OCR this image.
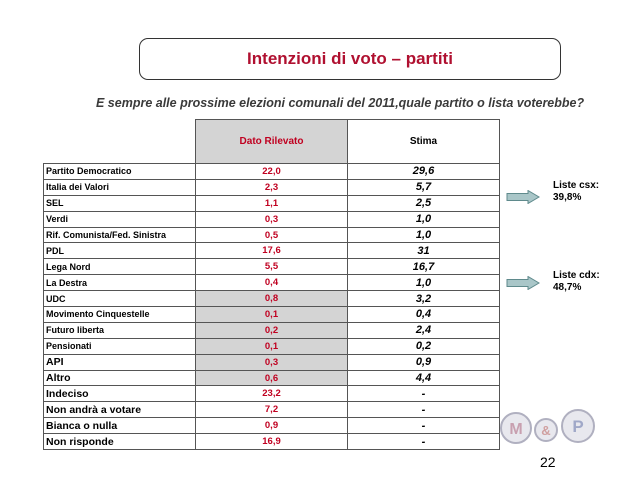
Intenzioni di voto – partiti
E sempre alle prossime elezioni comunali del 2011,quale partito o lista voterebbe?
	Dato Rilevato	Stima
Partito Democratico	22,0	29,6
Italia dei Valori	2,3	5,7
SEL	1,1	2,5
Verdi	0,3	1,0
Rif. Comunista/Fed. Sinistra	0,5	1,0
PDL	17,6	31
Lega Nord	5,5	16,7
La Destra	0,4	1,0
UDC	0,8	3,2
Movimento Cinquestelle	0,1	0,4
Futuro liberta	0,2	2,4
Pensionati	0,1	0,2
API	0,3	0,9
Altro	0,6	4,4
Indeciso	23,2	-
Non andrà a votare	7,2	-
Bianca o nulla	0,9	-
Non risponde	16,9	-
Liste csx:
39,8%
Liste cdx:
48,7%
M & P
22
